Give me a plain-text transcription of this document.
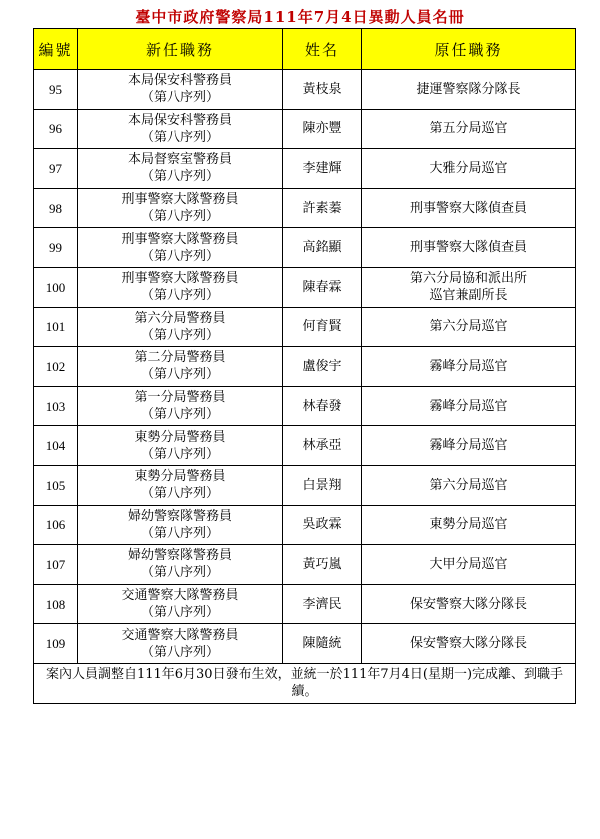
臺中市政府警察局111年7月4日異動人員名冊
編號	新任職務	姓名	原任職務
95	本局保安科警務員
（第八序列）	黃枝泉	捷運警察隊分隊長

96	本局保安科警務員
（第八序列）	陳亦豐	第五分局巡官

97	本局督察室警務員
（第八序列）	李建輝	大雅分局巡官

98	刑事警察大隊警務員
（第八序列）	許素蓁	刑事警察大隊偵查員

99	刑事警察大隊警務員
（第八序列）	高銘顯	刑事警察大隊偵查員

100	刑事警察大隊警務員
（第八序列）	陳春霖	第六分局協和派出所
巡官兼副所長

101	第六分局警務員
（第八序列）	何育賢	第六分局巡官

102	第二分局警務員
（第八序列）	盧俊宇	霧峰分局巡官

103	第一分局警務員
（第八序列）	林春發	霧峰分局巡官

104	東勢分局警務員
（第八序列）	林承亞	霧峰分局巡官

105	東勢分局警務員
（第八序列）	白景翔	第六分局巡官

106	婦幼警察隊警務員
（第八序列）	吳政霖	東勢分局巡官

107	婦幼警察隊警務員
（第八序列）	黃巧嵐	大甲分局巡官

108	交通警察大隊警務員
（第八序列）	李濟民	保安警察大隊分隊長

109	交通警察大隊警務員
（第八序列）	陳隨統	保安警察大隊分隊長

案內人員調整自111年6月30日發布生效，並統一於111年7月4日(星期一)完成離、到職手續。			
